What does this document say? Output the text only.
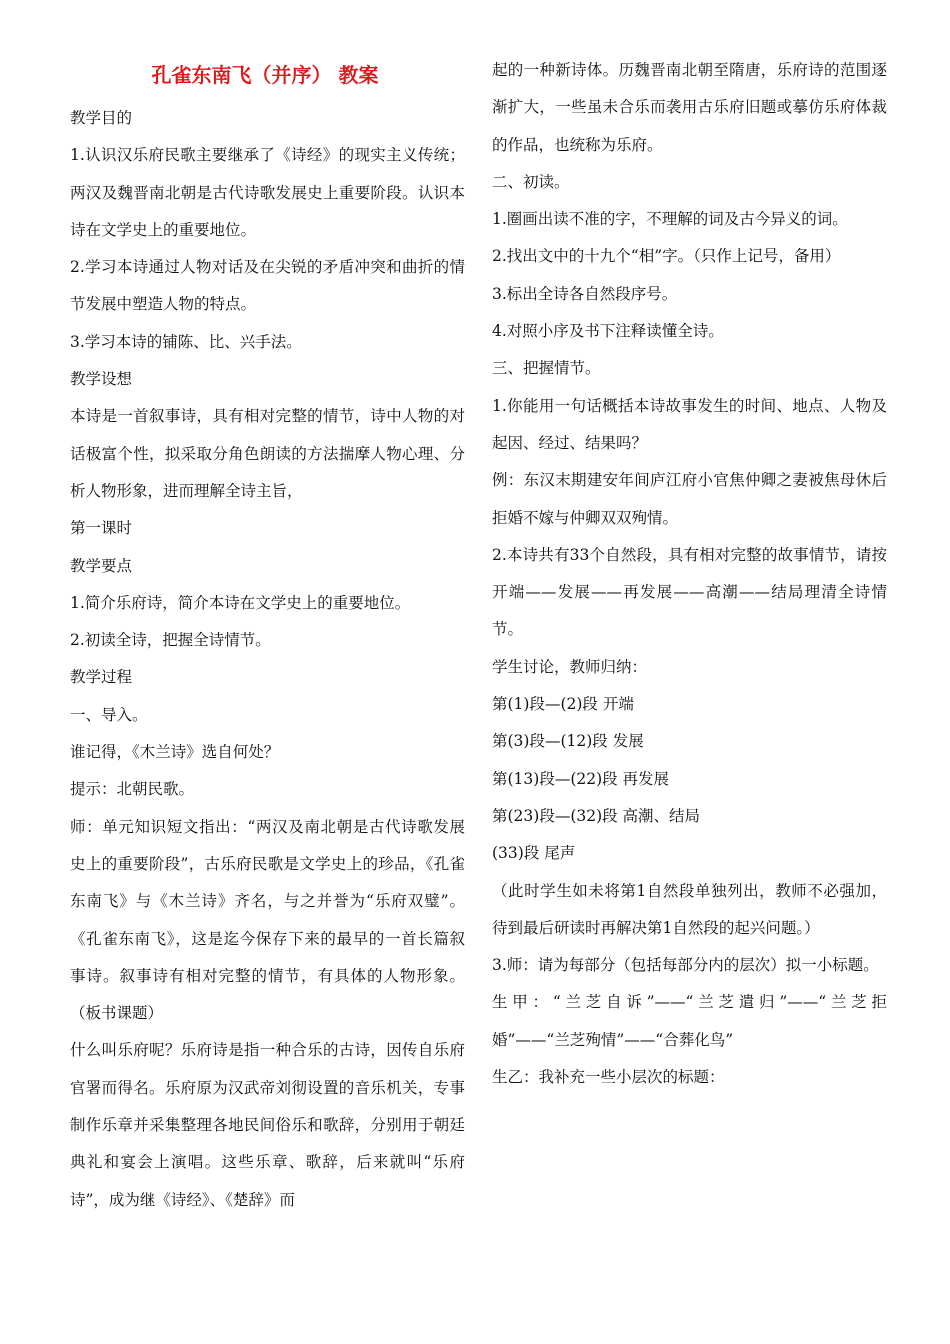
孔雀东南飞（并序） 教案

教学目的

1.认识汉乐府民歌主要继承了《诗经》的现实主义传统；两汉及魏晋南北朝是古代诗歌发展史上重要阶段。认识本诗在文学史上的重要地位。

2.学习本诗通过人物对话及在尖锐的矛盾冲突和曲折的情节发展中塑造人物的特点。

3.学习本诗的铺陈、比、兴手法。

教学设想

本诗是一首叙事诗，具有相对完整的情节，诗中人物的对话极富个性，拟采取分角色朗读的方法揣摩人物心理、分析人物形象，进而理解全诗主旨，

第一课时

教学要点

1.简介乐府诗，简介本诗在文学史上的重要地位。

2.初读全诗，把握全诗情节。

教学过程

一、导入。

谁记得，《木兰诗》选自何处？

提示：北朝民歌。

师：单元知识短文指出：“两汉及南北朝是古代诗歌发展史上的重要阶段”，古乐府民歌是文学史上的珍品，《孔雀东南飞》与《木兰诗》齐名，与之并誉为“乐府双璧”。《孔雀东南飞》，这是迄今保存下来的最早的一首长篇叙事诗。叙事诗有相对完整的情节，有具体的人物形象。（板书课题）

什么叫乐府呢？乐府诗是指一种合乐的古诗，因传自乐府官署而得名。乐府原为汉武帝刘彻设置的音乐机关，专事制作乐章并采集整理各地民间俗乐和歌辞，分别用于朝廷典礼和宴会上演唱。这些乐章、歌辞，后来就叫“乐府诗”，成为继《诗经》、《楚辞》而

起的一种新诗体。历魏晋南北朝至隋唐，乐府诗的范围逐渐扩大，一些虽未合乐而袭用古乐府旧题或摹仿乐府体裁的作品，也统称为乐府。

二、初读。

1.圈画出读不准的字，不理解的词及古今异义的词。

2.找出文中的十九个“相”字。（只作上记号，备用）

3.标出全诗各自然段序号。

4.对照小序及书下注释读懂全诗。

三、把握情节。

1.你能用一句话概括本诗故事发生的时间、地点、人物及起因、经过、结果吗？

例：东汉末期建安年间庐江府小官焦仲卿之妻被焦母休后拒婚不嫁与仲卿双双殉情。

2.本诗共有33个自然段，具有相对完整的故事情节，请按开端——发展——再发展——高潮——结局理清全诗情节。

学生讨论，教师归纳：

第(1)段—(2)段 开端

第(3)段—(12)段 发展

第(13)段—(22)段 再发展

第(23)段—(32)段 高潮、结局

(33)段 尾声

（此时学生如未将第1自然段单独列出，教师不必强加，待到最后研读时再解决第1自然段的起兴问题。）

3.师：请为每部分（包括每部分内的层次）拟一小标题。

生甲：“兰芝自诉”——“兰芝遣归”——“兰芝拒婚”——“兰芝殉情”——“合葬化鸟”

生乙：我补充一些小层次的标题：
